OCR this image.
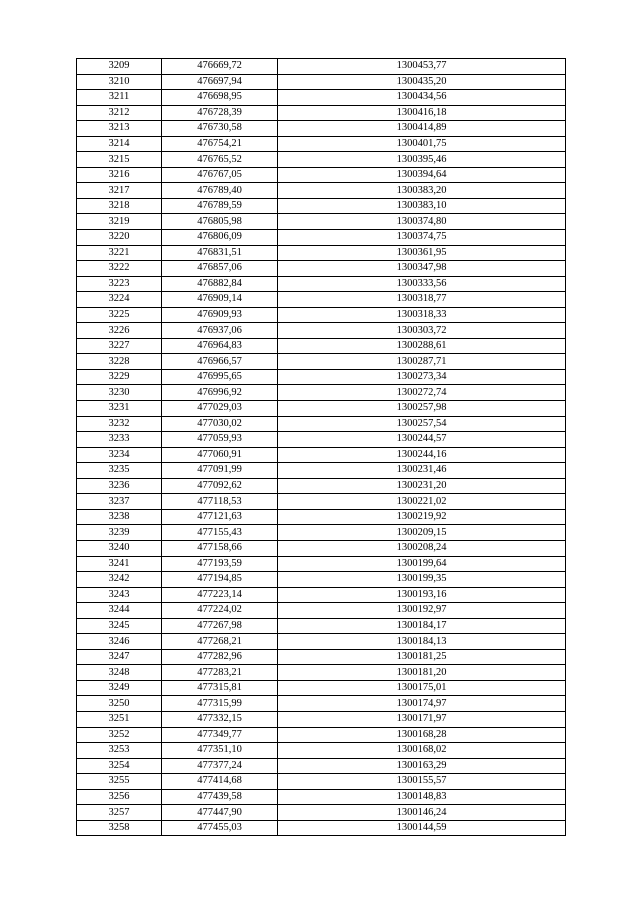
3209	476669,72	1300453,77
3210	476697,94	1300435,20
3211	476698,95	1300434,56
3212	476728,39	1300416,18
3213	476730,58	1300414,89
3214	476754,21	1300401,75
3215	476765,52	1300395,46
3216	476767,05	1300394,64
3217	476789,40	1300383,20
3218	476789,59	1300383,10
3219	476805,98	1300374,80
3220	476806,09	1300374,75
3221	476831,51	1300361,95
3222	476857,06	1300347,98
3223	476882,84	1300333,56
3224	476909,14	1300318,77
3225	476909,93	1300318,33
3226	476937,06	1300303,72
3227	476964,83	1300288,61
3228	476966,57	1300287,71
3229	476995,65	1300273,34
3230	476996,92	1300272,74
3231	477029,03	1300257,98
3232	477030,02	1300257,54
3233	477059,93	1300244,57
3234	477060,91	1300244,16
3235	477091,99	1300231,46
3236	477092,62	1300231,20
3237	477118,53	1300221,02
3238	477121,63	1300219,92
3239	477155,43	1300209,15
3240	477158,66	1300208,24
3241	477193,59	1300199,64
3242	477194,85	1300199,35
3243	477223,14	1300193,16
3244	477224,02	1300192,97
3245	477267,98	1300184,17
3246	477268,21	1300184,13
3247	477282,96	1300181,25
3248	477283,21	1300181,20
3249	477315,81	1300175,01
3250	477315,99	1300174,97
3251	477332,15	1300171,97
3252	477349,77	1300168,28
3253	477351,10	1300168,02
3254	477377,24	1300163,29
3255	477414,68	1300155,57
3256	477439,58	1300148,83
3257	477447,90	1300146,24
3258	477455,03	1300144,59
